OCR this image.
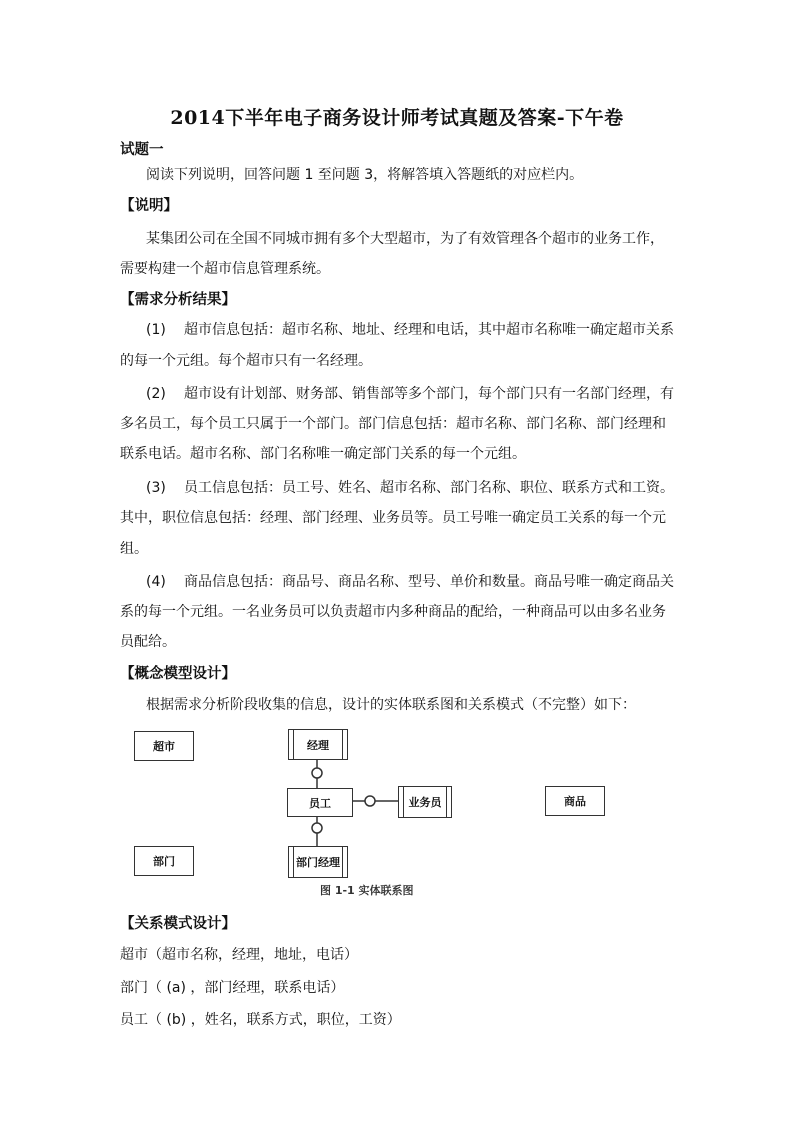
2014下半年电子商务设计师考试真题及答案-下午卷
试题一
阅读下列说明，回答问题 1 至问题 3，将解答填入答题纸的对应栏内。
【说明】
某集团公司在全国不同城市拥有多个大型超市，为了有效管理各个超市的业务工作，
需要构建一个超市信息管理系统。
【需求分析结果】
(1) 超市信息包括：超市名称、地址、经理和电话，其中超市名称唯一确定超市关系
的每一个元组。每个超市只有一名经理。
(2) 超市设有计划部、财务部、销售部等多个部门，每个部门只有一名部门经理，有
多名员工，每个员工只属于一个部门。部门信息包括：超市名称、部门名称、部门经理和
联系电话。超市名称、部门名称唯一确定部门关系的每一个元组。
(3) 员工信息包括：员工号、姓名、超市名称、部门名称、职位、联系方式和工资。
其中，职位信息包括：经理、部门经理、业务员等。员工号唯一确定员工关系的每一个元
组。
(4) 商品信息包括：商品号、商品名称、型号、单价和数量。商品号唯一确定商品关
系的每一个元组。一名业务员可以负责超市内多种商品的配给，一种商品可以由多名业务
员配给。
【概念模型设计】
根据需求分析阶段收集的信息，设计的实体联系图和关系模式（不完整）如下：
超市	经理
员工	业务员	商品
部门	部门经理
图 1-1 实体联系图
【关系模式设计】
超市（超市名称，经理，地址，电话）
部门（ (a) ，部门经理，联系电话）
员工（ (b) ，姓名，联系方式，职位，工资）
